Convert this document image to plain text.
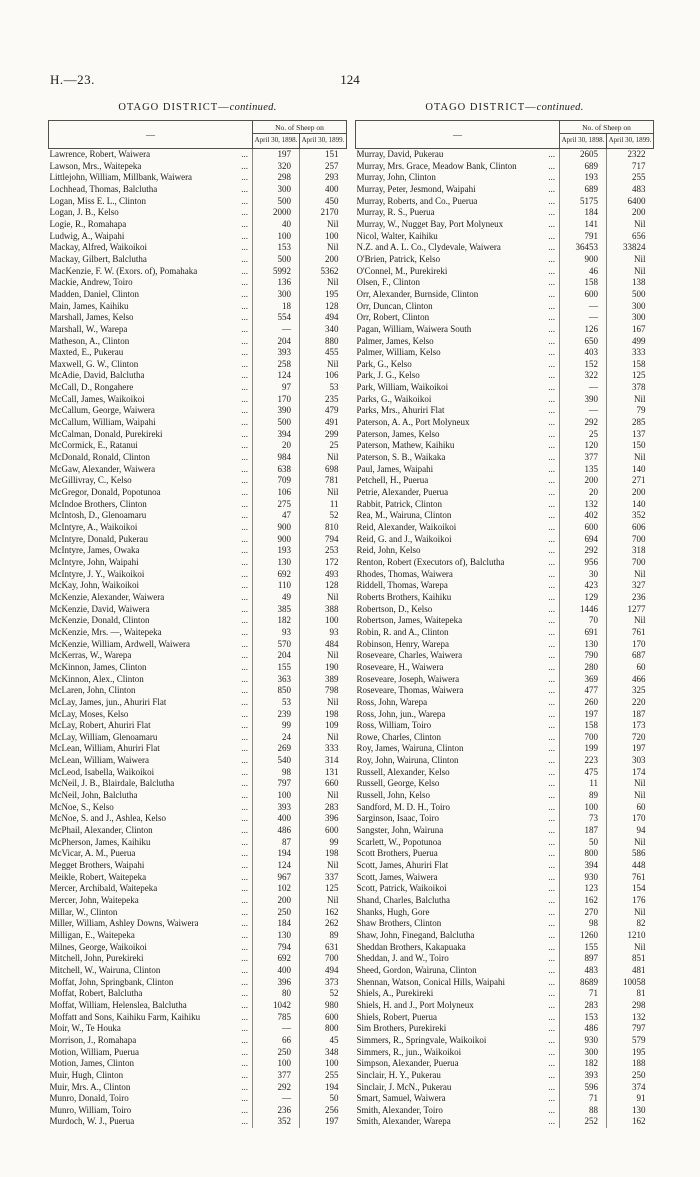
H.—23.	124
OTAGO DISTRICT—continued.
—	No. of Sheep on	
	April 30, 1898.	April 30, 1899.

Lawrence, Robert, Waiwera ...	197	151

Lawson, Mrs., Waitepeka ...	320	257

Littlejohn, William, Millbank, Waiwera ...	298	293

Lochhead, Thomas, Balclutha ...	300	400

Logan, Miss E. L., Clinton ...	500	450

Logan, J. B., Kelso ...	2000	2170

Logie, R., Romahapa ...	40	Nil

Ludwig, A., Waipahi ...	100	100

Mackay, Alfred, Waikoikoi ...	153	Nil

Mackay, Gilbert, Balclutha ...	500	200

MacKenzie, F. W. (Exors. of), Pomahaka ...	5992	5362

Mackie, Andrew, Toiro ...	136	Nil

Madden, Daniel, Clinton ...	300	195

Main, James, Kaihiku ...	18	128

Marshall, James, Kelso ...	554	494

Marshall, W., Warepa ...	—	340

Matheson, A., Clinton ...	204	880

Maxted, E., Pukerau ...	393	455

Maxwell, G. W., Clinton ...	258	Nil

McAdie, David, Balclutha ...	124	106

McCall, D., Rongahere ...	97	53

McCall, James, Waikoikoi ...	170	235

McCallum, George, Waiwera ...	390	479

McCallum, William, Waipahi ...	500	491

McCalman, Donald, Purekireki ...	394	299

McCormick, E., Ratanui ...	20	25

McDonald, Ronald, Clinton ...	984	Nil

McGaw, Alexander, Waiwera ...	638	698

McGillivray, C., Kelso ...	709	781

McGregor, Donald, Popotunoa ...	106	Nil

McIndoe Brothers, Clinton ...	275	11

McIntosh, D., Glenoamaru ...	47	52

McIntyre, A., Waikoikoi ...	900	810

McIntyre, Donald, Pukerau ...	900	794

McIntyre, James, Owaka ...	193	253

McIntyre, John, Waipahi ...	130	172

McIntyre, J. Y., Waikoikoi ...	692	493

McKay, John, Waikoikoi ...	110	128

McKenzie, Alexander, Waiwera ...	49	Nil

McKenzie, David, Waiwera ...	385	388

McKenzie, Donald, Clinton ...	182	100

McKenzie, Mrs. —, Waitepeka ...	93	93

McKenzie, William, Ardwell, Waiwera ...	570	484

McKerras, W., Warepa ...	204	Nil

McKinnon, James, Clinton ...	155	190

McKinnon, Alex., Clinton ...	363	389

McLaren, John, Clinton ...	850	798

McLay, James, jun., Ahuriri Flat ...	53	Nil

McLay, Moses, Kelso ...	239	198

McLay, Robert, Ahuriri Flat ...	99	109

McLay, William, Glenoamaru ...	24	Nil

McLean, William, Ahuriri Flat ...	269	333

McLean, William, Waiwera ...	540	314

McLeod, Isabella, Waikoikoi ...	98	131

McNeil, J. B., Blairdale, Balclutha ...	797	660

McNeil, John, Balclutha ...	100	Nil

McNoe, S., Kelso ...	393	283

McNoe, S. and J., Ashlea, Kelso ...	400	396

McPhail, Alexander, Clinton ...	486	600

McPherson, James, Kaihiku ...	87	99

McVicar, A. M., Puerua ...	194	198

Megget Brothers, Waipahi ...	124	Nil

Meikle, Robert, Waitepeka ...	967	337

Mercer, Archibald, Waitepeka ...	102	125

Mercer, John, Waitepeka ...	200	Nil

Millar, W., Clinton ...	250	162

Miller, William, Ashley Downs, Waiwera ...	184	262

Milligan, E., Waitepeka ...	130	89

Milnes, George, Waikoikoi ...	794	631

Mitchell, John, Purekireki ...	692	700

Mitchell, W., Wairuna, Clinton ...	400	494

Moffat, John, Springbank, Clinton ...	396	373

Moffat, Robert, Balclutha ...	80	52

Moffat, William, Helenslea, Balclutha ...	1042	980

Moffatt and Sons, Kaihiku Farm, Kaihiku ...	785	600

Moir, W., Te Houka ...	—	800

Morrison, J., Romahapa ...	66	45

Motion, William, Puerua ...	250	348

Motion, James, Clinton ...	100	100

Muir, Hugh, Clinton ...	377	255

Muir, Mrs. A., Clinton ...	292	194

Munro, Donald, Toiro ...	—	50

Munro, William, Toiro ...	236	256

Murdoch, W. J., Puerua ...	352	197
OTAGO DISTRICT—continued.
—	No. of Sheep on	
	April 30, 1898.	April 30, 1899.

Murray, David, Pukerau ...	2605	2322

Murray, Mrs. Grace, Meadow Bank, Clinton ...	689	717

Murray, John, Clinton ...	193	255

Murray, Peter, Jesmond, Waipahi ...	689	483

Murray, Roberts, and Co., Puerua ...	5175	6400

Murray, R. S., Puerua ...	184	200

Murray, W., Nugget Bay, Port Molyneux ...	141	Nil

Nicol, Walter, Kaihiku ...	791	656

N.Z. and A. L. Co., Clydevale, Waiwera ...	36453	33824

O'Brien, Patrick, Kelso ...	900	Nil

O'Connel, M., Purekireki ...	46	Nil

Olsen, F., Clinton ...	158	138

Orr, Alexander, Burnside, Clinton ...	600	500

Orr, Duncan, Clinton ...	—	300

Orr, Robert, Clinton ...	—	300

Pagan, William, Waiwera South ...	126	167

Palmer, James, Kelso ...	650	499

Palmer, William, Kelso ...	403	333

Park, G., Kelso ...	152	158

Park, J. G., Kelso ...	322	125

Park, William, Waikoikoi ...	—	378

Parks, G., Waikoikoi ...	390	Nil

Parks, Mrs., Ahuriri Flat ...	—	79

Paterson, A. A., Port Molyneux ...	292	285

Paterson, James, Kelso ...	25	137

Paterson, Mathew, Kaihiku ...	120	150

Paterson, S. B., Waikaka ...	377	Nil

Paul, James, Waipahi ...	135	140

Petchell, H., Puerua ...	200	271

Petrie, Alexander, Puerua ...	20	200

Rabbit, Patrick, Clinton ...	132	140

Rea, M., Wairuna, Clinton ...	402	352

Reid, Alexander, Waikoikoi ...	600	606

Reid, G. and J., Waikoikoi ...	694	700

Reid, John, Kelso ...	292	318

Renton, Robert (Executors of), Balclutha ...	956	700

Rhodes, Thomas, Waiwera ...	30	Nil

Riddell, Thomas, Warepa ...	423	327

Roberts Brothers, Kaihiku ...	129	236

Robertson, D., Kelso ...	1446	1277

Robertson, James, Waitepeka ...	70	Nil

Robin, R. and A., Clinton ...	691	761

Robinson, Henry, Warepa ...	130	170

Roseveare, Charles, Waiwera ...	790	687

Roseveare, H., Waiwera ...	280	60

Roseveare, Joseph, Waiwera ...	369	466

Roseveare, Thomas, Waiwera ...	477	325

Ross, John, Warepa ...	260	220

Ross, John, jun., Warepa ...	197	187

Ross, William, Toiro ...	158	173

Rowe, Charles, Clinton ...	700	720

Roy, James, Wairuna, Clinton ...	199	197

Roy, John, Wairuna, Clinton ...	223	303

Russell, Alexander, Kelso ...	475	174

Russell, George, Kelso ...	11	Nil

Russell, John, Kelso ...	89	Nil

Sandford, M. D. H., Toiro ...	100	60

Sarginson, Isaac, Toiro ...	73	170

Sangster, John, Wairuna ...	187	94

Scarlett, W., Popotunoa ...	50	Nil

Scott Brothers, Puerua ...	800	586

Scott, James, Ahuriri Flat ...	394	448

Scott, James, Waiwera ...	930	761

Scott, Patrick, Waikoikoi ...	123	154

Shand, Charles, Balclutha ...	162	176

Shanks, Hugh, Gore ...	270	Nil

Shaw Brothers, Clinton ...	98	82

Shaw, John, Finegand, Balclutha ...	1260	1210

Sheddan Brothers, Kakapuaka ...	155	Nil

Sheddan, J. and W., Toiro ...	897	851

Sheed, Gordon, Wairuna, Clinton ...	483	481

Shennan, Watson, Conical Hills, Waipahi ...	8689	10058

Shiels, A., Purekireki ...	71	81

Shiels, H. and J., Port Molyneux ...	283	298

Shiels, Robert, Puerua ...	153	132

Sim Brothers, Purekireki ...	486	797

Simmers, R., Springvale, Waikoikoi ...	930	579

Simmers, R., jun., Waikoikoi ...	300	195

Simpson, Alexander, Puerua ...	182	188

Sinclair, H. Y., Pukerau ...	393	250

Sinclair, J. McN., Pukerau ...	596	374

Smart, Samuel, Waiwera ...	71	91

Smith, Alexander, Toiro ...	88	130

Smith, Alexander, Warepa ...	252	162
